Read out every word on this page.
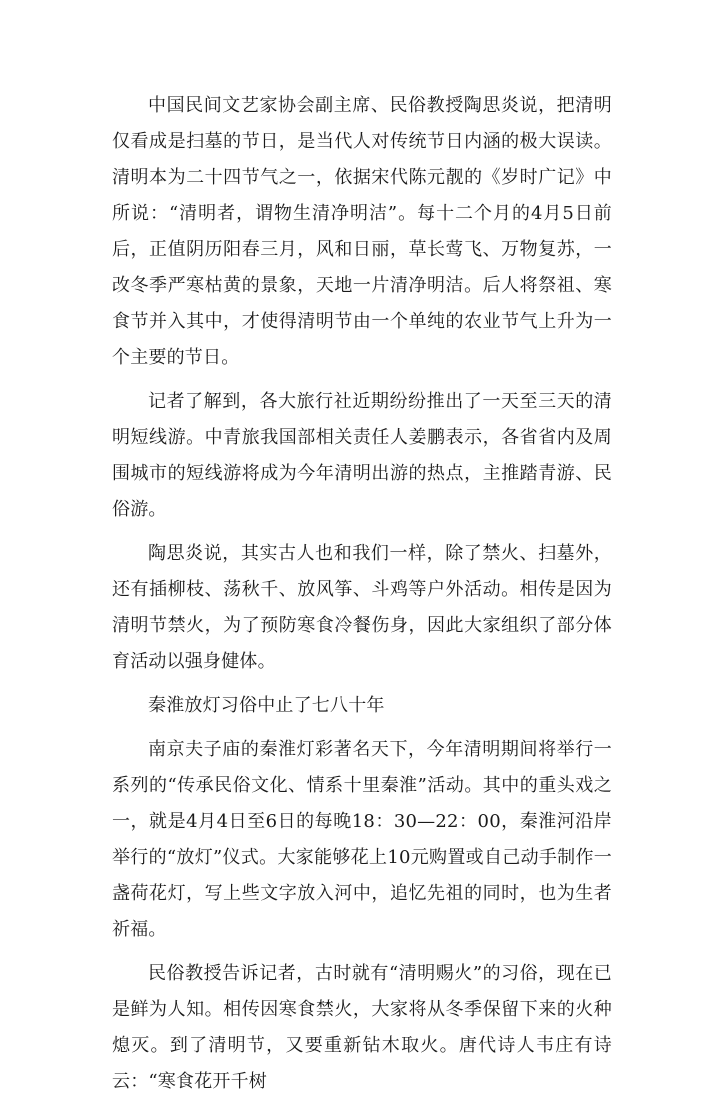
中国民间文艺家协会副主席、民俗教授陶思炎说，把清明仅看成是扫墓的节日，是当代人对传统节日内涵的极大误读。清明本为二十四节气之一，依据宋代陈元靓的《岁时广记》中所说：“清明者，谓物生清净明洁”。每十二个月的4月5日前后，正值阴历阳春三月，风和日丽，草长莺飞、万物复苏，一改冬季严寒枯黄的景象，天地一片清净明洁。后人将祭祖、寒食节并入其中，才使得清明节由一个单纯的农业节气上升为一个主要的节日。

记者了解到，各大旅行社近期纷纷推出了一天至三天的清明短线游。中青旅我国部相关责任人姜鹏表示，各省省内及周围城市的短线游将成为今年清明出游的热点，主推踏青游、民俗游。

陶思炎说，其实古人也和我们一样，除了禁火、扫墓外，还有插柳枝、荡秋千、放风筝、斗鸡等户外活动。相传是因为清明节禁火，为了预防寒食冷餐伤身，因此大家组织了部分体育活动以强身健体。

秦淮放灯习俗中止了七八十年

南京夫子庙的秦淮灯彩著名天下，今年清明期间将举行一系列的“传承民俗文化、情系十里秦淮”活动。其中的重头戏之一，就是4月4日至6日的每晚18：30—22：00，秦淮河沿岸举行的“放灯”仪式。大家能够花上10元购置或自己动手制作一盏荷花灯，写上些文字放入河中，追忆先祖的同时，也为生者祈福。

民俗教授告诉记者，古时就有“清明赐火”的习俗，现在已是鲜为人知。相传因寒食禁火，大家将从冬季保留下来的火种熄灭。到了清明节，又要重新钻木取火。唐代诗人韦庄有诗云：“寒食花开千树
